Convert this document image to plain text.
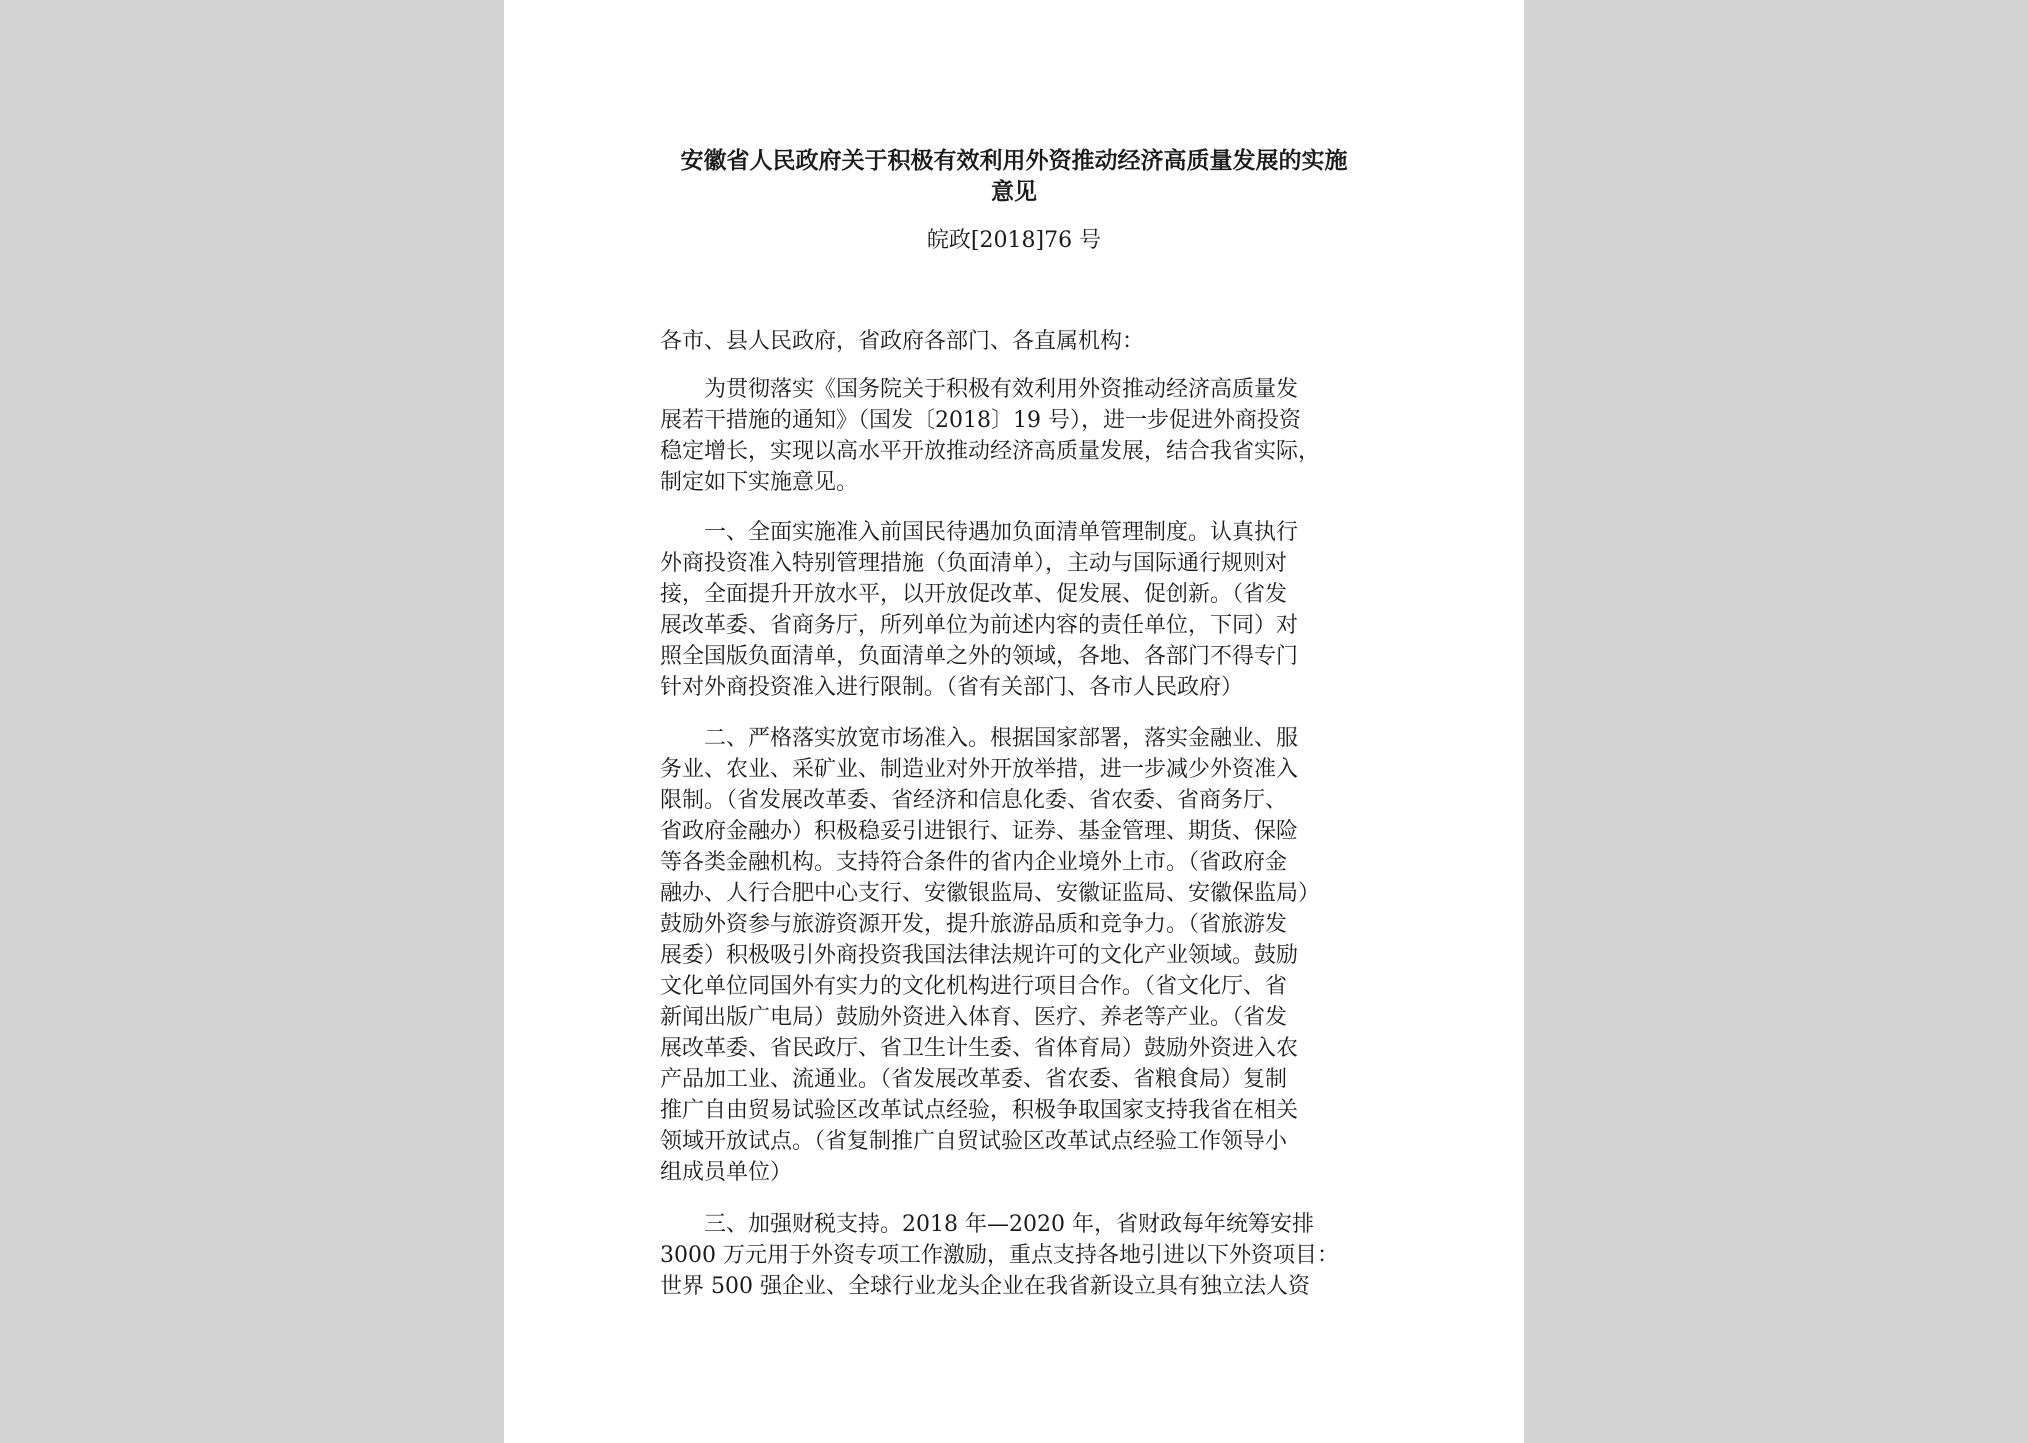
安徽省人民政府关于积极有效利用外资推动经济高质量发展的实施
意见
皖政[2018]76 号
各市、县人民政府，省政府各部门、各直属机构：
　　为贯彻落实《国务院关于积极有效利用外资推动经济高质量发
展若干措施的通知》（国发〔2018〕19 号），进一步促进外商投资
稳定增长，实现以高水平开放推动经济高质量发展，结合我省实际，
制定如下实施意见。
　　一、全面实施准入前国民待遇加负面清单管理制度。认真执行
外商投资准入特别管理措施（负面清单），主动与国际通行规则对
接，全面提升开放水平，以开放促改革、促发展、促创新。（省发
展改革委、省商务厅，所列单位为前述内容的责任单位，下同）对
照全国版负面清单，负面清单之外的领域，各地、各部门不得专门
针对外商投资准入进行限制。（省有关部门、各市人民政府）
　　二、严格落实放宽市场准入。根据国家部署，落实金融业、服
务业、农业、采矿业、制造业对外开放举措，进一步减少外资准入
限制。（省发展改革委、省经济和信息化委、省农委、省商务厅、
省政府金融办）积极稳妥引进银行、证券、基金管理、期货、保险
等各类金融机构。支持符合条件的省内企业境外上市。（省政府金
融办、人行合肥中心支行、安徽银监局、安徽证监局、安徽保监局）
鼓励外资参与旅游资源开发，提升旅游品质和竞争力。（省旅游发
展委）积极吸引外商投资我国法律法规许可的文化产业领域。鼓励
文化单位同国外有实力的文化机构进行项目合作。（省文化厅、省
新闻出版广电局）鼓励外资进入体育、医疗、养老等产业。（省发
展改革委、省民政厅、省卫生计生委、省体育局）鼓励外资进入农
产品加工业、流通业。（省发展改革委、省农委、省粮食局）复制
推广自由贸易试验区改革试点经验，积极争取国家支持我省在相关
领域开放试点。（省复制推广自贸试验区改革试点经验工作领导小
组成员单位）
　　三、加强财税支持。2018 年—2020 年，省财政每年统筹安排
3000 万元用于外资专项工作激励，重点支持各地引进以下外资项目：
世界 500 强企业、全球行业龙头企业在我省新设立具有独立法人资
